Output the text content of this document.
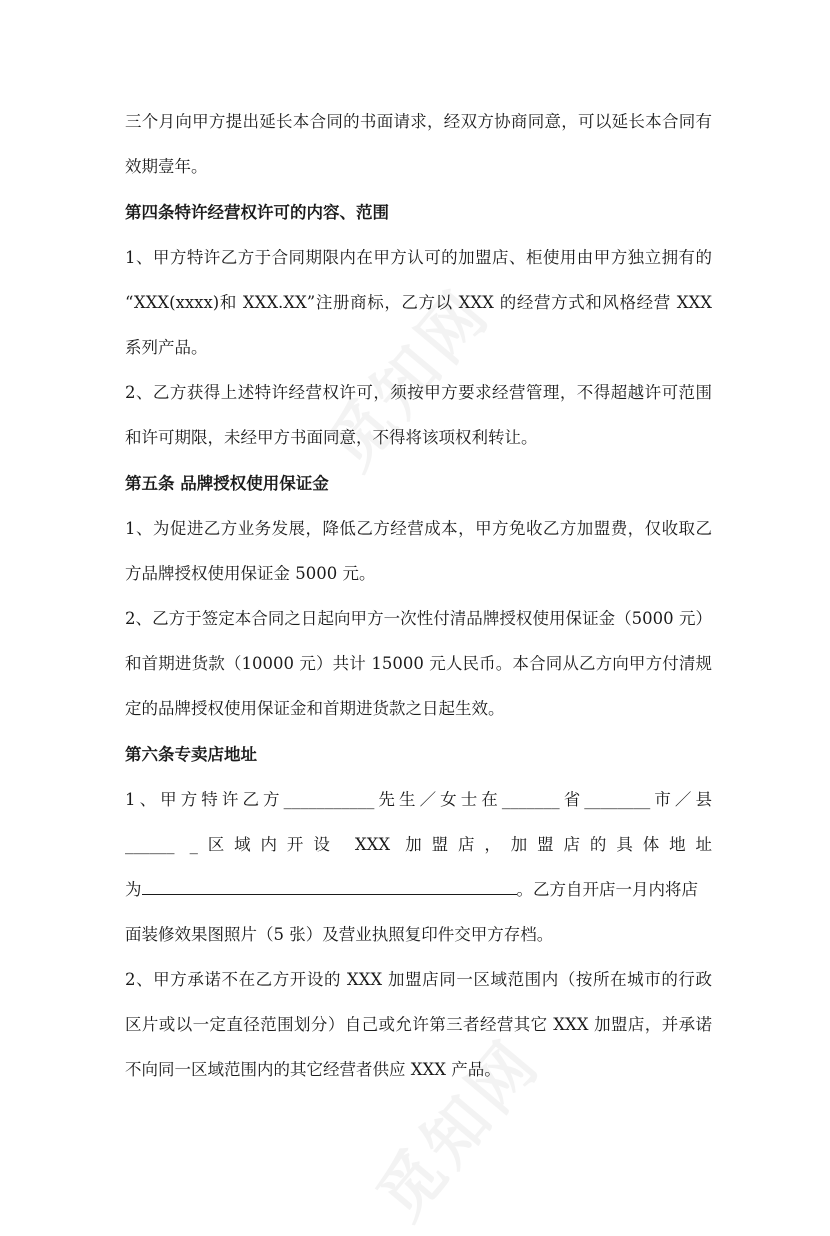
三个月向甲方提出延长本合同的书面请求，经双方协商同意，可以延长本合同有
效期壹年。
第四条特许经营权许可的内容、范围
1、甲方特许乙方于合同期限内在甲方认可的加盟店、柜使用由甲方独立拥有的
“XXX(xxxx)和 XXX.XX”注册商标，乙方以 XXX 的经营方式和风格经营 XXX
系列产品。
2、乙方获得上述特许经营权许可，须按甲方要求经营管理，不得超越许可范围
和许可期限，未经甲方书面同意，不得将该项权利转让。
第五条 品牌授权使用保证金
1、为促进乙方业务发展，降低乙方经营成本，甲方免收乙方加盟费，仅收取乙
方品牌授权使用保证金 5000 元。
2、乙方于签定本合同之日起向甲方一次性付清品牌授权使用保证金（5000 元）
和首期进货款（10000 元）共计 15000 元人民币。本合同从乙方向甲方付清规
定的品牌授权使用保证金和首期进货款之日起生效。
第六条专卖店地址
1、甲方特许乙方___________先生／女士在_______省________市／县
______ _区域内开设 XXX 加盟店，加盟店的具体地址
为	。乙方自开店一月内将店
面装修效果图照片（5 张）及营业执照复印件交甲方存档。
2、甲方承诺不在乙方开设的 XXX 加盟店同一区域范围内（按所在城市的行政
区片或以一定直径范围划分）自己或允许第三者经营其它 XXX 加盟店，并承诺
不向同一区域范围内的其它经营者供应 XXX 产品。
